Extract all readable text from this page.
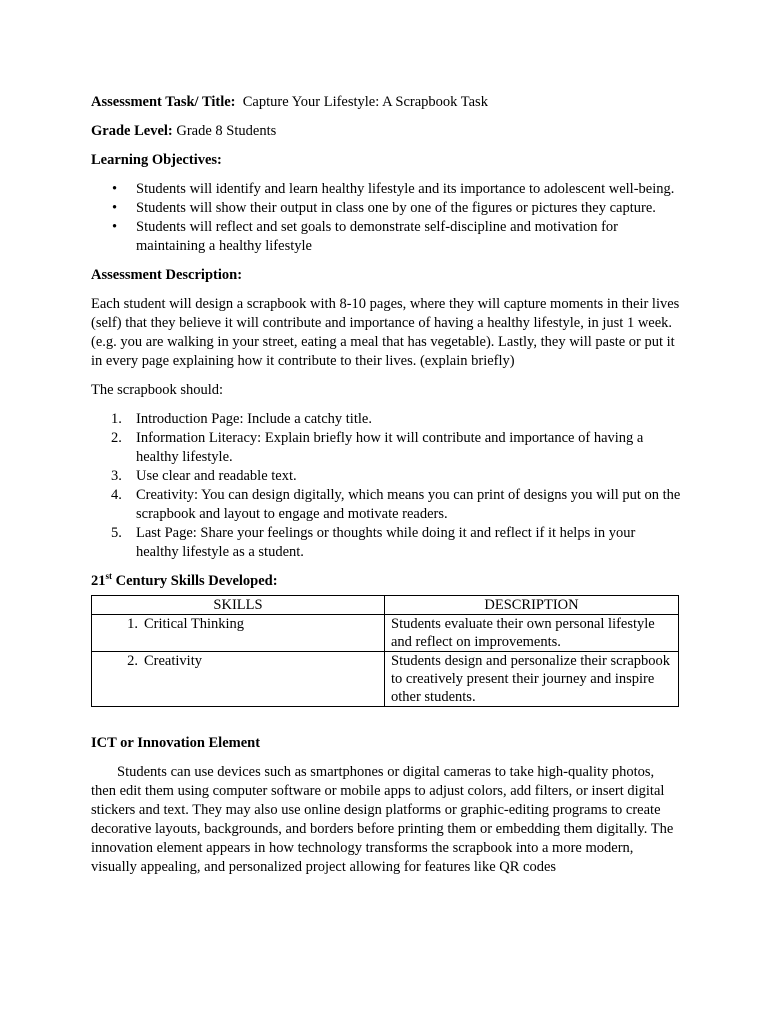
Assessment Task/ Title: Capture Your Lifestyle: A Scrapbook Task

Grade Level: Grade 8 Students

Learning Objectives:

• Students will identify and learn healthy lifestyle and its importance to adolescent well-being.
• Students will show their output in class one by one of the figures or pictures they capture.
• Students will reflect and set goals to demonstrate self-discipline and motivation for maintaining a healthy lifestyle

Assessment Description:

Each student will design a scrapbook with 8-10 pages, where they will capture moments in their lives (self) that they believe it will contribute and importance of having a healthy lifestyle, in just 1 week. (e.g. you are walking in your street, eating a meal that has vegetable). Lastly, they will paste or put it in every page explaining how it contribute to their lives. (explain briefly)

The scrapbook should:

1. Introduction Page: Include a catchy title.
2. Information Literacy: Explain briefly how it will contribute and importance of having a healthy lifestyle.
3. Use clear and readable text.
4. Creativity: You can design digitally, which means you can print of designs you will put on the scrapbook and layout to engage and motivate readers.
5. Last Page: Share your feelings or thoughts while doing it and reflect if it helps in your healthy lifestyle as a student.

21st Century Skills Developed:

SKILLS	DESCRIPTION
1. Critical Thinking	Students evaluate their own personal lifestyle and reflect on improvements.
2. Creativity	Students design and personalize their scrapbook to creatively present their journey and inspire other students.

ICT or Innovation Element

Students can use devices such as smartphones or digital cameras to take high-quality photos, then edit them using computer software or mobile apps to adjust colors, add filters, or insert digital stickers and text. They may also use online design platforms or graphic-editing programs to create decorative layouts, backgrounds, and borders before printing them or embedding them digitally. The innovation element appears in how technology transforms the scrapbook into a more modern, visually appealing, and personalized project allowing for features like QR codes
